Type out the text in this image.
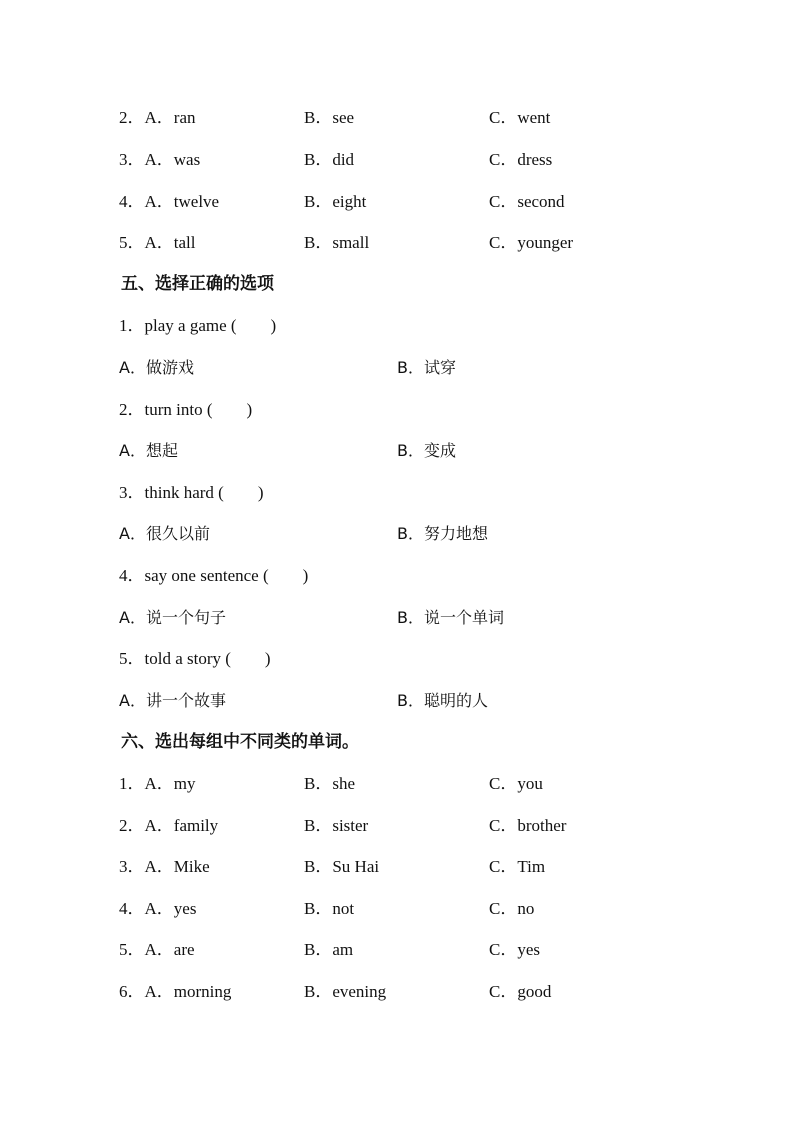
2．A．ran	B．see	C．went
3．A．was	B．did	C．dress
4．A．twelve	B．eight	C．second
5．A．tall	B．small	C．younger
五、选择正确的选项
1．play a game (　　)
A．做游戏	B．试穿
2．turn into (　　)
A．想起	B．变成
3．think hard (　　)
A．很久以前	B．努力地想
4．say one sentence (　　)
A．说一个句子	B．说一个单词
5．told a story (　　)
A．讲一个故事	B．聪明的人
六、选出每组中不同类的单词。
1．A．my	B．she	C．you
2．A．family	B．sister	C．brother
3．A．Mike	B．Su Hai	C．Tim
4．A．yes	B．not	C．no
5．A．are	B．am	C．yes
6．A．morning	B．evening	C．good
